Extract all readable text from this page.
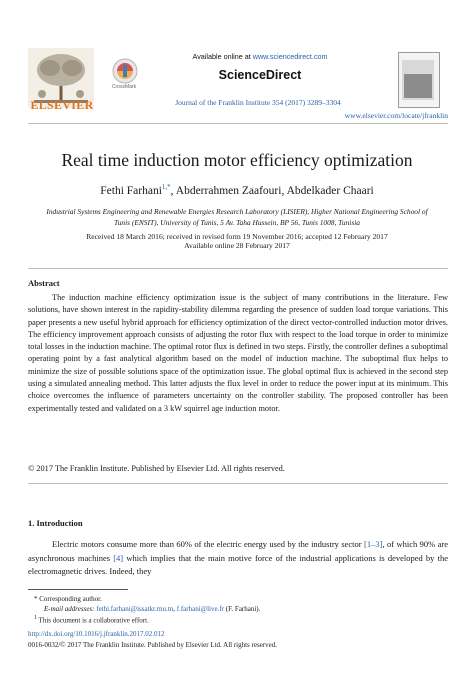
ELSEVIER
CrossMark
Available online at www.sciencedirect.com
ScienceDirect
Journal of the Franklin Institute 354 (2017) 3289–3304
www.elsevier.com/locate/jfranklin
Real time induction motor efficiency optimization
Fethi Farhani$^{1,*}$, Abderrahmen Zaafouri, Abdelkader Chaari
Industrial Systems Engineering and Renewable Energies Research Laboratory (LISIER), Higher National Engineering School of Tunis (ENSIT), University of Tunis, 5 Av. Taha Hussein, BP 56, Tunis 1008, Tunisia
Received 18 March 2016; received in revised form 19 November 2016; accepted 12 February 2017
Available online 28 February 2017
Abstract
The induction machine efficiency optimization issue is the subject of many contributions in the literature. Few solutions, have shown interest in the rapidity-stability dilemma regarding the presence of sudden load torque variations. This paper presents a new useful hybrid approach for efficiency optimization of the direct vector-controlled induction motor drives. The efficiency improvement approach consists of adjusting the rotor flux with respect to the load torque in order to minimize total losses in the induction machine. The optimal rotor flux is defined in two steps. Firstly, the controller defines a suboptimal operating point by a fast analytical algorithm based on the model of induction machine. The suboptimal flux helps to minimize the size of possible solutions space of the optimization issue. The global optimal flux is achieved in the second step using a simulated annealing method. This latter adjusts the flux level in order to reduce the power input at its minimum. This choice overcomes the influence of parameters uncertainty on the controller stability. The proposed controller has been experimentally tested and validated on a 3 kW squirrel age induction motor.
© 2017 The Franklin Institute. Published by Elsevier Ltd. All rights reserved.
1. Introduction
Electric motors consume more than 60% of the electric energy used by the industry sector [1–3], of which 90% are asynchronous machines [4] which implies that the main motive force of the industrial applications is developed by the electromagnetic drives. Indeed, they
* Corresponding author.
E-mail addresses: fethi.farhani@issatkr.rnu.tn, f.farhani@live.fr (F. Farhani).
$^1$ This document is a collaborative effort.
http://dx.doi.org/10.1016/j.jfranklin.2017.02.012
0016-0032/© 2017 The Franklin Institute. Published by Elsevier Ltd. All rights reserved.
